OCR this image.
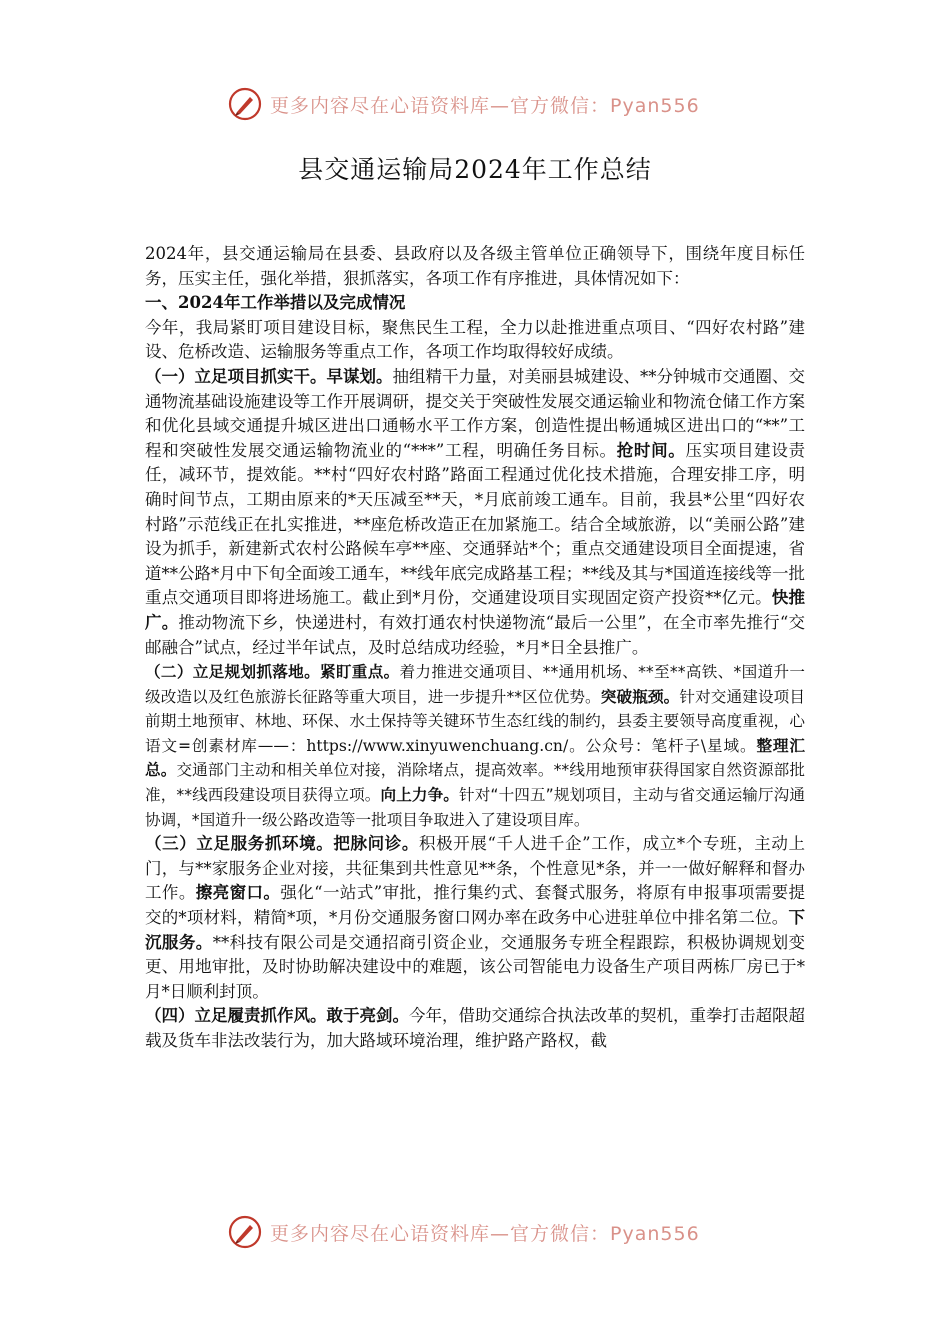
更多内容尽在心语资料库—官方微信：Pyan556
县交通运输局2024年工作总结

2024年，县交通运输局在县委、县政府以及各级主管单位正确领导下，围绕年度目标任务，压实主任，强化举措，狠抓落实，各项工作有序推进，具体情况如下：

一、2024年工作举措以及完成情况

今年，我局紧盯项目建设目标，聚焦民生工程，全力以赴推进重点项目、“四好农村路”建设、危桥改造、运输服务等重点工作，各项工作均取得较好成绩。

（一）立足项目抓实干。早谋划。抽组精干力量，对美丽县城建设、**分钟城市交通圈、交通物流基础设施建设等工作开展调研，提交关于突破性发展交通运输业和物流仓储工作方案和优化县域交通提升城区进出口通畅水平工作方案，创造性提出畅通城区进出口的“**”工程和突破性发展交通运输物流业的“***”工程，明确任务目标。抢时间。压实项目建设责任，减环节，提效能。**村“四好农村路”路面工程通过优化技术措施，合理安排工序，明确时间节点，工期由原来的*天压减至**天，*月底前竣工通车。目前，我县*公里“四好农村路”示范线正在扎实推进，**座危桥改造正在加紧施工。结合全域旅游，以“美丽公路”建设为抓手，新建新式农村公路候车亭**座、交通驿站*个；重点交通建设项目全面提速，省道**公路*月中下旬全面竣工通车，**线年底完成路基工程；**线及其与*国道连接线等一批重点交通项目即将进场施工。截止到*月份，交通建设项目实现固定资产投资**亿元。快推广。推动物流下乡，快递进村，有效打通农村快递物流“最后一公里”，在全市率先推行“交邮融合”试点，经过半年试点，及时总结成功经验，*月*日全县推广。

（二）立足规划抓落地。紧盯重点。着力推进交通项目、**通用机场、**至**高铁、*国道升一级改造以及红色旅游长征路等重大项目，进一步提升**区位优势。突破瓶颈。针对交通建设项目前期土地预审、林地、环保、水土保持等关键环节生态红线的制约，县委主要领导高度重视，心语文=创素材库——：https://www.xinyuwenchuang.cn/。公众号：笔杆子\星域。整理汇总。交通部门主动和相关单位对接，消除堵点，提高效率。**线用地预审获得国家自然资源部批准，**线西段建设项目获得立项。向上力争。针对“十四五”规划项目，主动与省交通运输厅沟通协调，*国道升一级公路改造等一批项目争取进入了建设项目库。

（三）立足服务抓环境。把脉问诊。积极开展“千人进千企”工作，成立*个专班，主动上门，与**家服务企业对接，共征集到共性意见**条，个性意见*条，并一一做好解释和督办工作。擦亮窗口。强化“一站式”审批，推行集约式、套餐式服务，将原有申报事项需要提交的*项材料，精简*项，*月份交通服务窗口网办率在政务中心进驻单位中排名第二位。下沉服务。**科技有限公司是交通招商引资企业，交通服务专班全程跟踪，积极协调规划变更、用地审批，及时协助解决建设中的难题，该公司智能电力设备生产项目两栋厂房已于*月*日顺利封顶。

（四）立足履责抓作风。敢于亮剑。今年，借助交通综合执法改革的契机，重拳打击超限超载及货车非法改装行为，加大路域环境治理，维护路产路权，截

更多内容尽在心语资料库—官方微信：Pyan556
